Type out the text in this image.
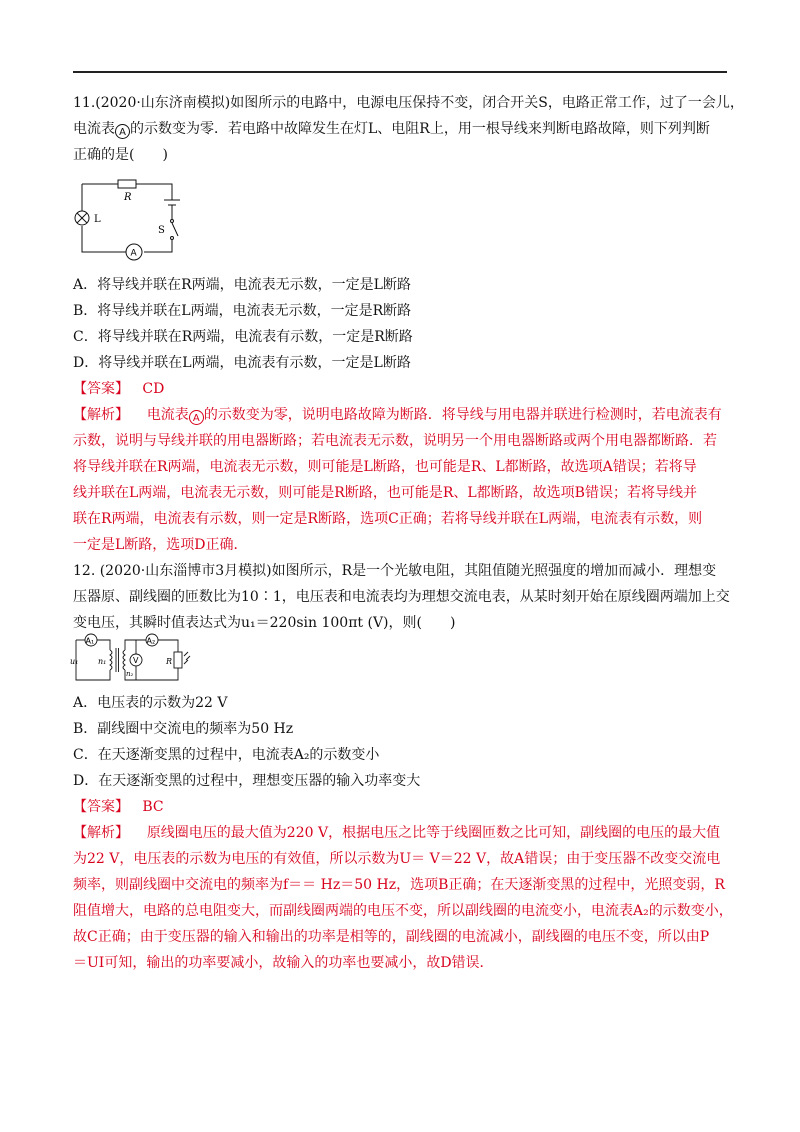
11.(2020·山东济南模拟)如图所示的电路中，电源电压保持不变，闭合开关S，电路正常工作，过了一会儿，
电流表 A 的示数变为零．若电路中故障发生在灯L、电阻R上，用一根导线来判断电路故障，则下列判断
正确的是(　　)
R
L
S
A
A．将导线并联在R两端，电流表无示数，一定是L断路
B．将导线并联在L两端，电流表无示数，一定是R断路
C．将导线并联在R两端，电流表有示数，一定是R断路
D．将导线并联在L两端，电流表有示数，一定是L断路
【答案】 CD
【解析】 电流表 A 的示数变为零，说明电路故障为断路．将导线与用电器并联进行检测时，若电流表有
示数，说明与导线并联的用电器断路；若电流表无示数，说明另一个用电器断路或两个用电器都断路．若
将导线并联在R两端，电流表无示数，则可能是L断路，也可能是R、L都断路，故选项A错误；若将导
线并联在L两端，电流表无示数，则可能是R断路，也可能是R、L都断路，故选项B错误；若将导线并
联在R两端，电流表有示数，则一定是R断路，选项C正确；若将导线并联在L两端，电流表有示数，则
一定是L断路，选项D正确．
12. (2020·山东淄博市3月模拟)如图所示，R是一个光敏电阻，其阻值随光照强度的增加而减小．理想变
压器原、副线圈的匝数比为10∶1，电压表和电流表均为理想交流电表，从某时刻开始在原线圈两端加上交
变电压，其瞬时值表达式为u₁＝220sin 100πt (V)，则(　　)
A₁	A₂
V
u₁ n₁
n₂
R
A．电压表的示数为22 V
B．副线圈中交流电的频率为50 Hz
C．在天逐渐变黑的过程中，电流表A₂的示数变小
D．在天逐渐变黑的过程中，理想变压器的输入功率变大
【答案】 BC
【解析】 原线圈电压的最大值为220 V，根据电压之比等于线圈匝数之比可知，副线圈的电压的最大值
为22 V，电压表的示数为电压的有效值，所以示数为U＝ V＝22 V，故A错误；由于变压器不改变交流电
频率，则副线圈中交流电的频率为f＝＝ Hz＝50 Hz，选项B正确；在天逐渐变黑的过程中，光照变弱，R
阻值增大，电路的总电阻变大，而副线圈两端的电压不变，所以副线圈的电流变小，电流表A₂的示数变小，
故C正确；由于变压器的输入和输出的功率是相等的，副线圈的电流减小，副线圈的电压不变，所以由P
＝UI可知，输出的功率要减小，故输入的功率也要减小，故D错误．
